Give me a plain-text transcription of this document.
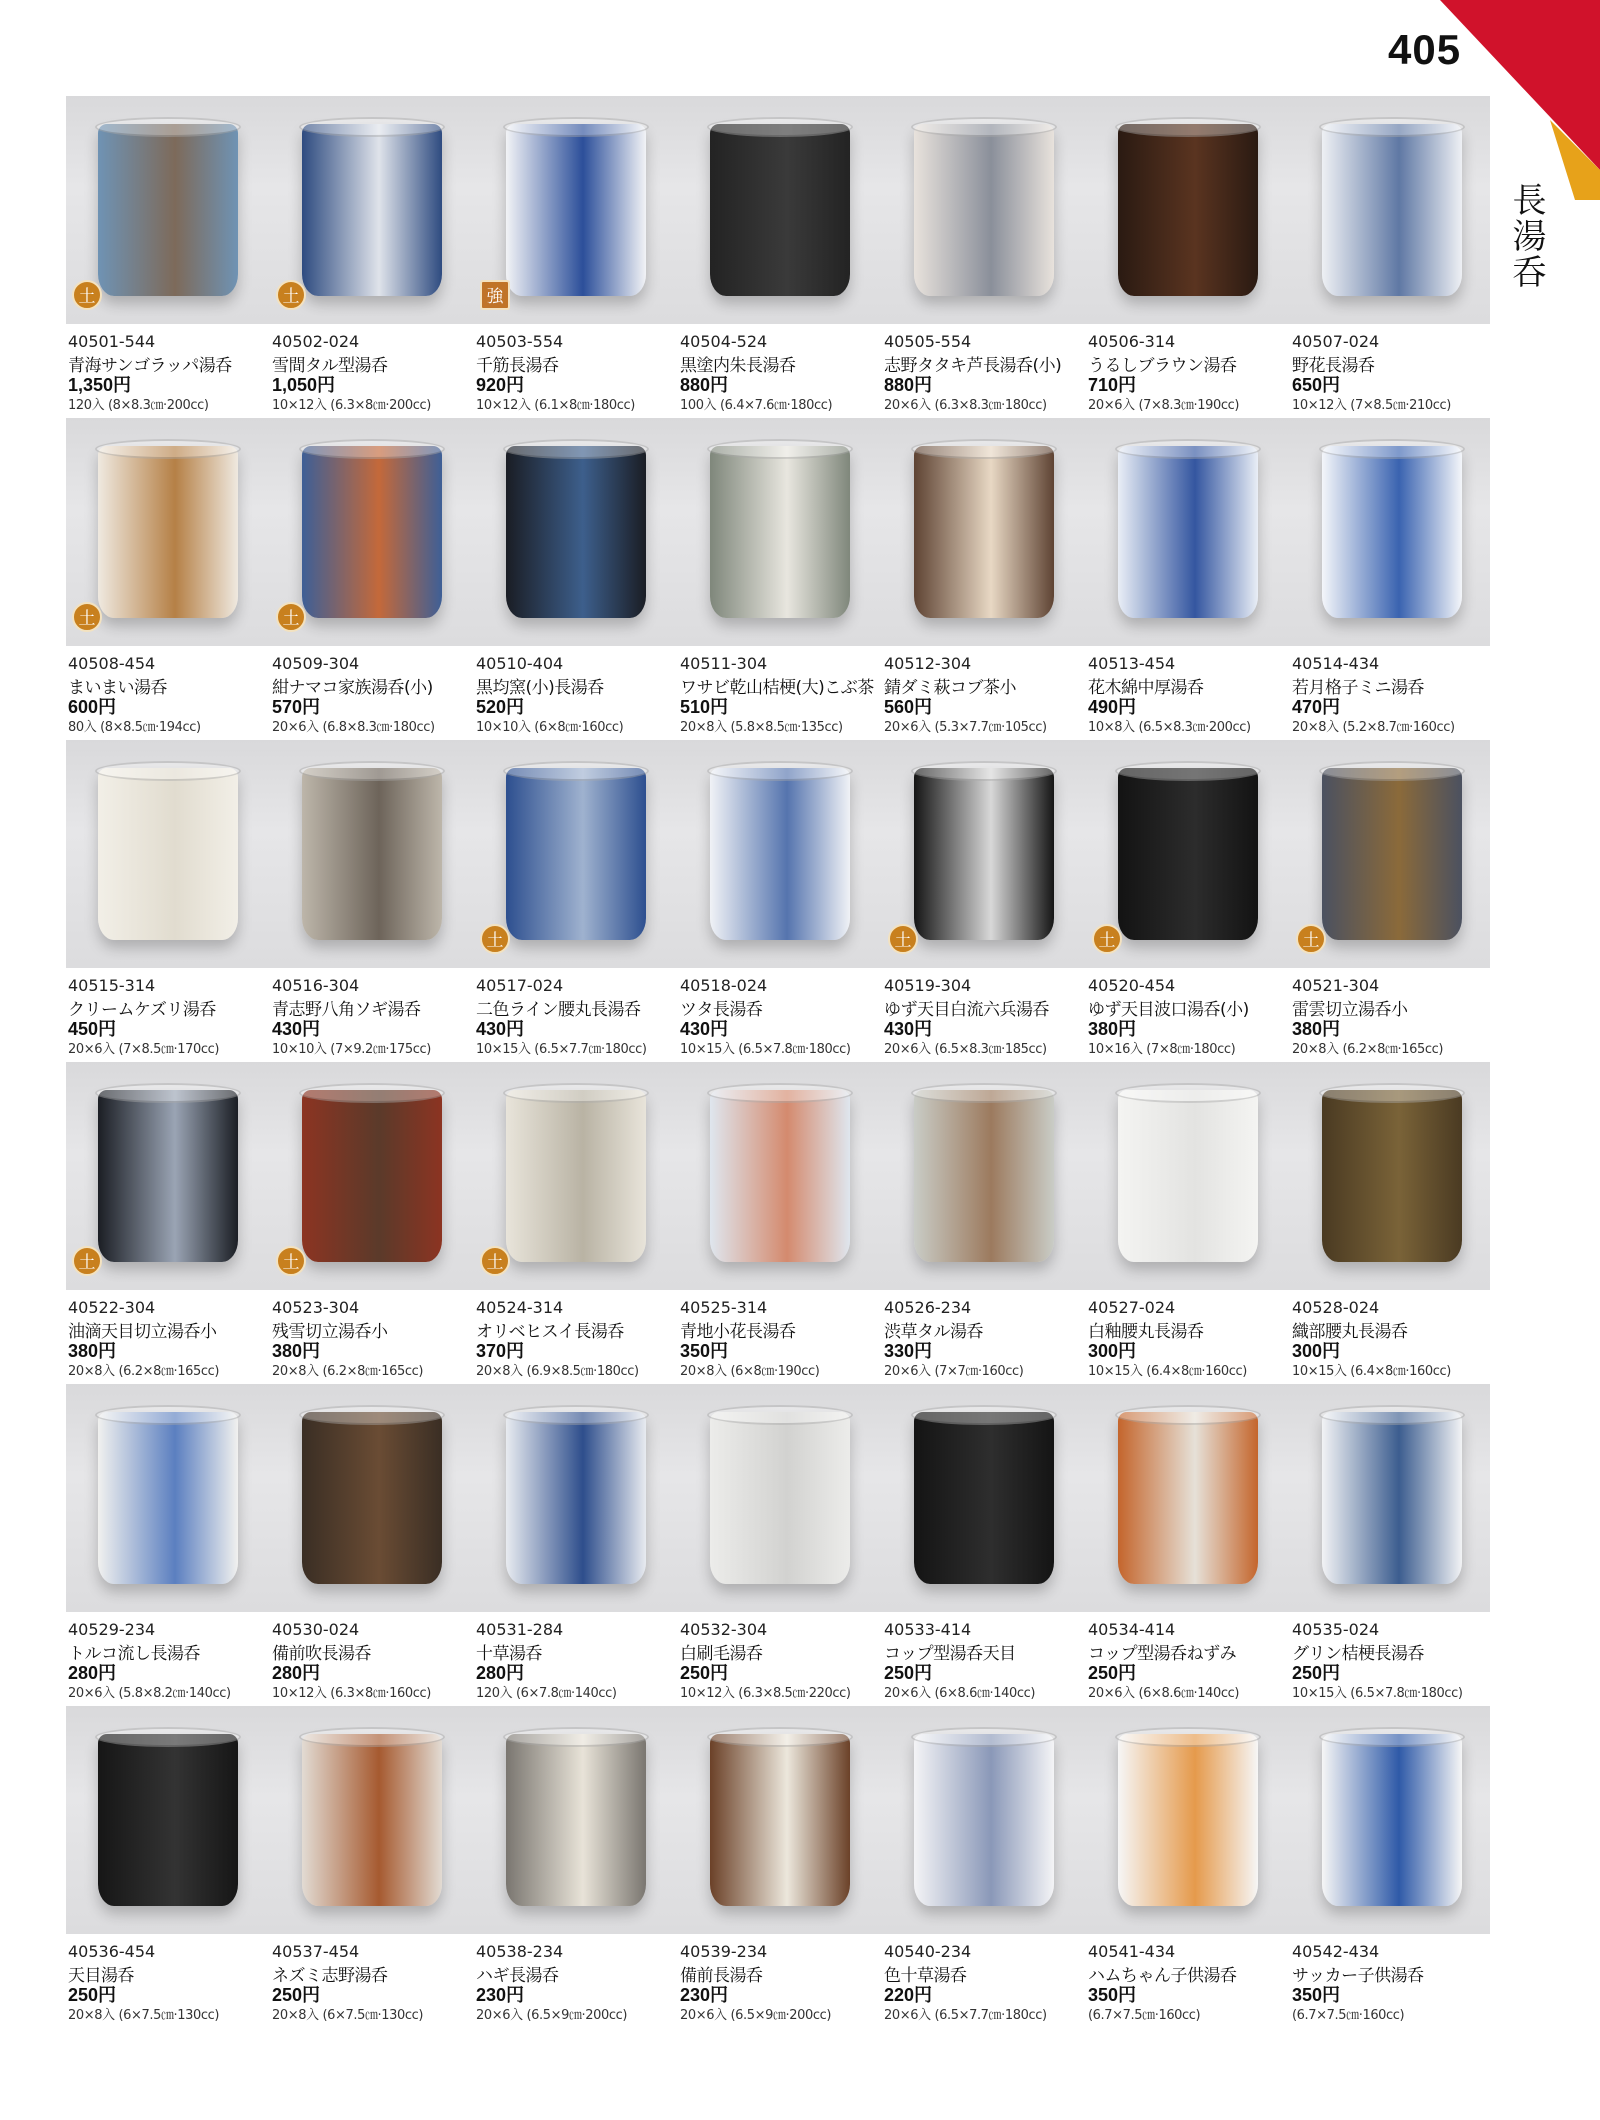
405
長湯呑
土
40501-544
青海サンゴラッパ湯呑
1,350円
120入 (8×8.3㎝·200cc)
土
40502-024
雪間タル型湯呑
1,050円
10×12入 (6.3×8㎝·200cc)
強
40503-554
千筋長湯呑
920円
10×12入 (6.1×8㎝·180cc)
40504-524
黒塗内朱長湯呑
880円
100入 (6.4×7.6㎝·180cc)
40505-554
志野タタキ芦長湯呑(小)
880円
20×6入 (6.3×8.3㎝·180cc)
40506-314
うるしブラウン湯呑
710円
20×6入 (7×8.3㎝·190cc)
40507-024
野花長湯呑
650円
10×12入 (7×8.5㎝·210cc)
土
40508-454
まいまい湯呑
600円
80入 (8×8.5㎝·194cc)
土
40509-304
紺ナマコ家族湯呑(小)
570円
20×6入 (6.8×8.3㎝·180cc)
40510-404
黒均窯(小)長湯呑
520円
10×10入 (6×8㎝·160cc)
40511-304
ワサビ乾山桔梗(大)こぶ茶
510円
20×8入 (5.8×8.5㎝·135cc)
40512-304
錆ダミ萩コブ茶小
560円
20×6入 (5.3×7.7㎝·105cc)
40513-454
花木綿中厚湯呑
490円
10×8入 (6.5×8.3㎝·200cc)
40514-434
若月格子ミニ湯呑
470円
20×8入 (5.2×8.7㎝·160cc)
40515-314
クリームケズリ湯呑
450円
20×6入 (7×8.5㎝·170cc)
40516-304
青志野八角ソギ湯呑
430円
10×10入 (7×9.2㎝·175cc)
土
40517-024
二色ライン腰丸長湯呑
430円
10×15入 (6.5×7.7㎝·180cc)
40518-024
ツタ長湯呑
430円
10×15入 (6.5×7.8㎝·180cc)
土
40519-304
ゆず天目白流六兵湯呑
430円
20×6入 (6.5×8.3㎝·185cc)
土
40520-454
ゆず天目波口湯呑(小)
380円
10×16入 (7×8㎝·180cc)
土
40521-304
雷雲切立湯呑小
380円
20×8入 (6.2×8㎝·165cc)
土
40522-304
油滴天目切立湯呑小
380円
20×8入 (6.2×8㎝·165cc)
土
40523-304
残雪切立湯呑小
380円
20×8入 (6.2×8㎝·165cc)
土
40524-314
オリベヒスイ長湯呑
370円
20×8入 (6.9×8.5㎝·180cc)
40525-314
青地小花長湯呑
350円
20×8入 (6×8㎝·190cc)
40526-234
渋草タル湯呑
330円
20×6入 (7×7㎝·160cc)
40527-024
白釉腰丸長湯呑
300円
10×15入 (6.4×8㎝·160cc)
40528-024
織部腰丸長湯呑
300円
10×15入 (6.4×8㎝·160cc)
40529-234
トルコ流し長湯呑
280円
20×6入 (5.8×8.2㎝·140cc)
40530-024
備前吹長湯呑
280円
10×12入 (6.3×8㎝·160cc)
40531-284
十草湯呑
280円
120入 (6×7.8㎝·140cc)
40532-304
白刷毛湯呑
250円
10×12入 (6.3×8.5㎝·220cc)
40533-414
コップ型湯呑天目
250円
20×6入 (6×8.6㎝·140cc)
40534-414
コップ型湯呑ねずみ
250円
20×6入 (6×8.6㎝·140cc)
40535-024
グリン桔梗長湯呑
250円
10×15入 (6.5×7.8㎝·180cc)
40536-454
天目湯呑
250円
20×8入 (6×7.5㎝·130cc)
40537-454
ネズミ志野湯呑
250円
20×8入 (6×7.5㎝·130cc)
40538-234
ハギ長湯呑
230円
20×6入 (6.5×9㎝·200cc)
40539-234
備前長湯呑
230円
20×6入 (6.5×9㎝·200cc)
40540-234
色十草湯呑
220円
20×6入 (6.5×7.7㎝·180cc)
40541-434
ハムちゃん子供湯呑
350円
(6.7×7.5㎝·160cc)
40542-434
サッカー子供湯呑
350円
(6.7×7.5㎝·160cc)
